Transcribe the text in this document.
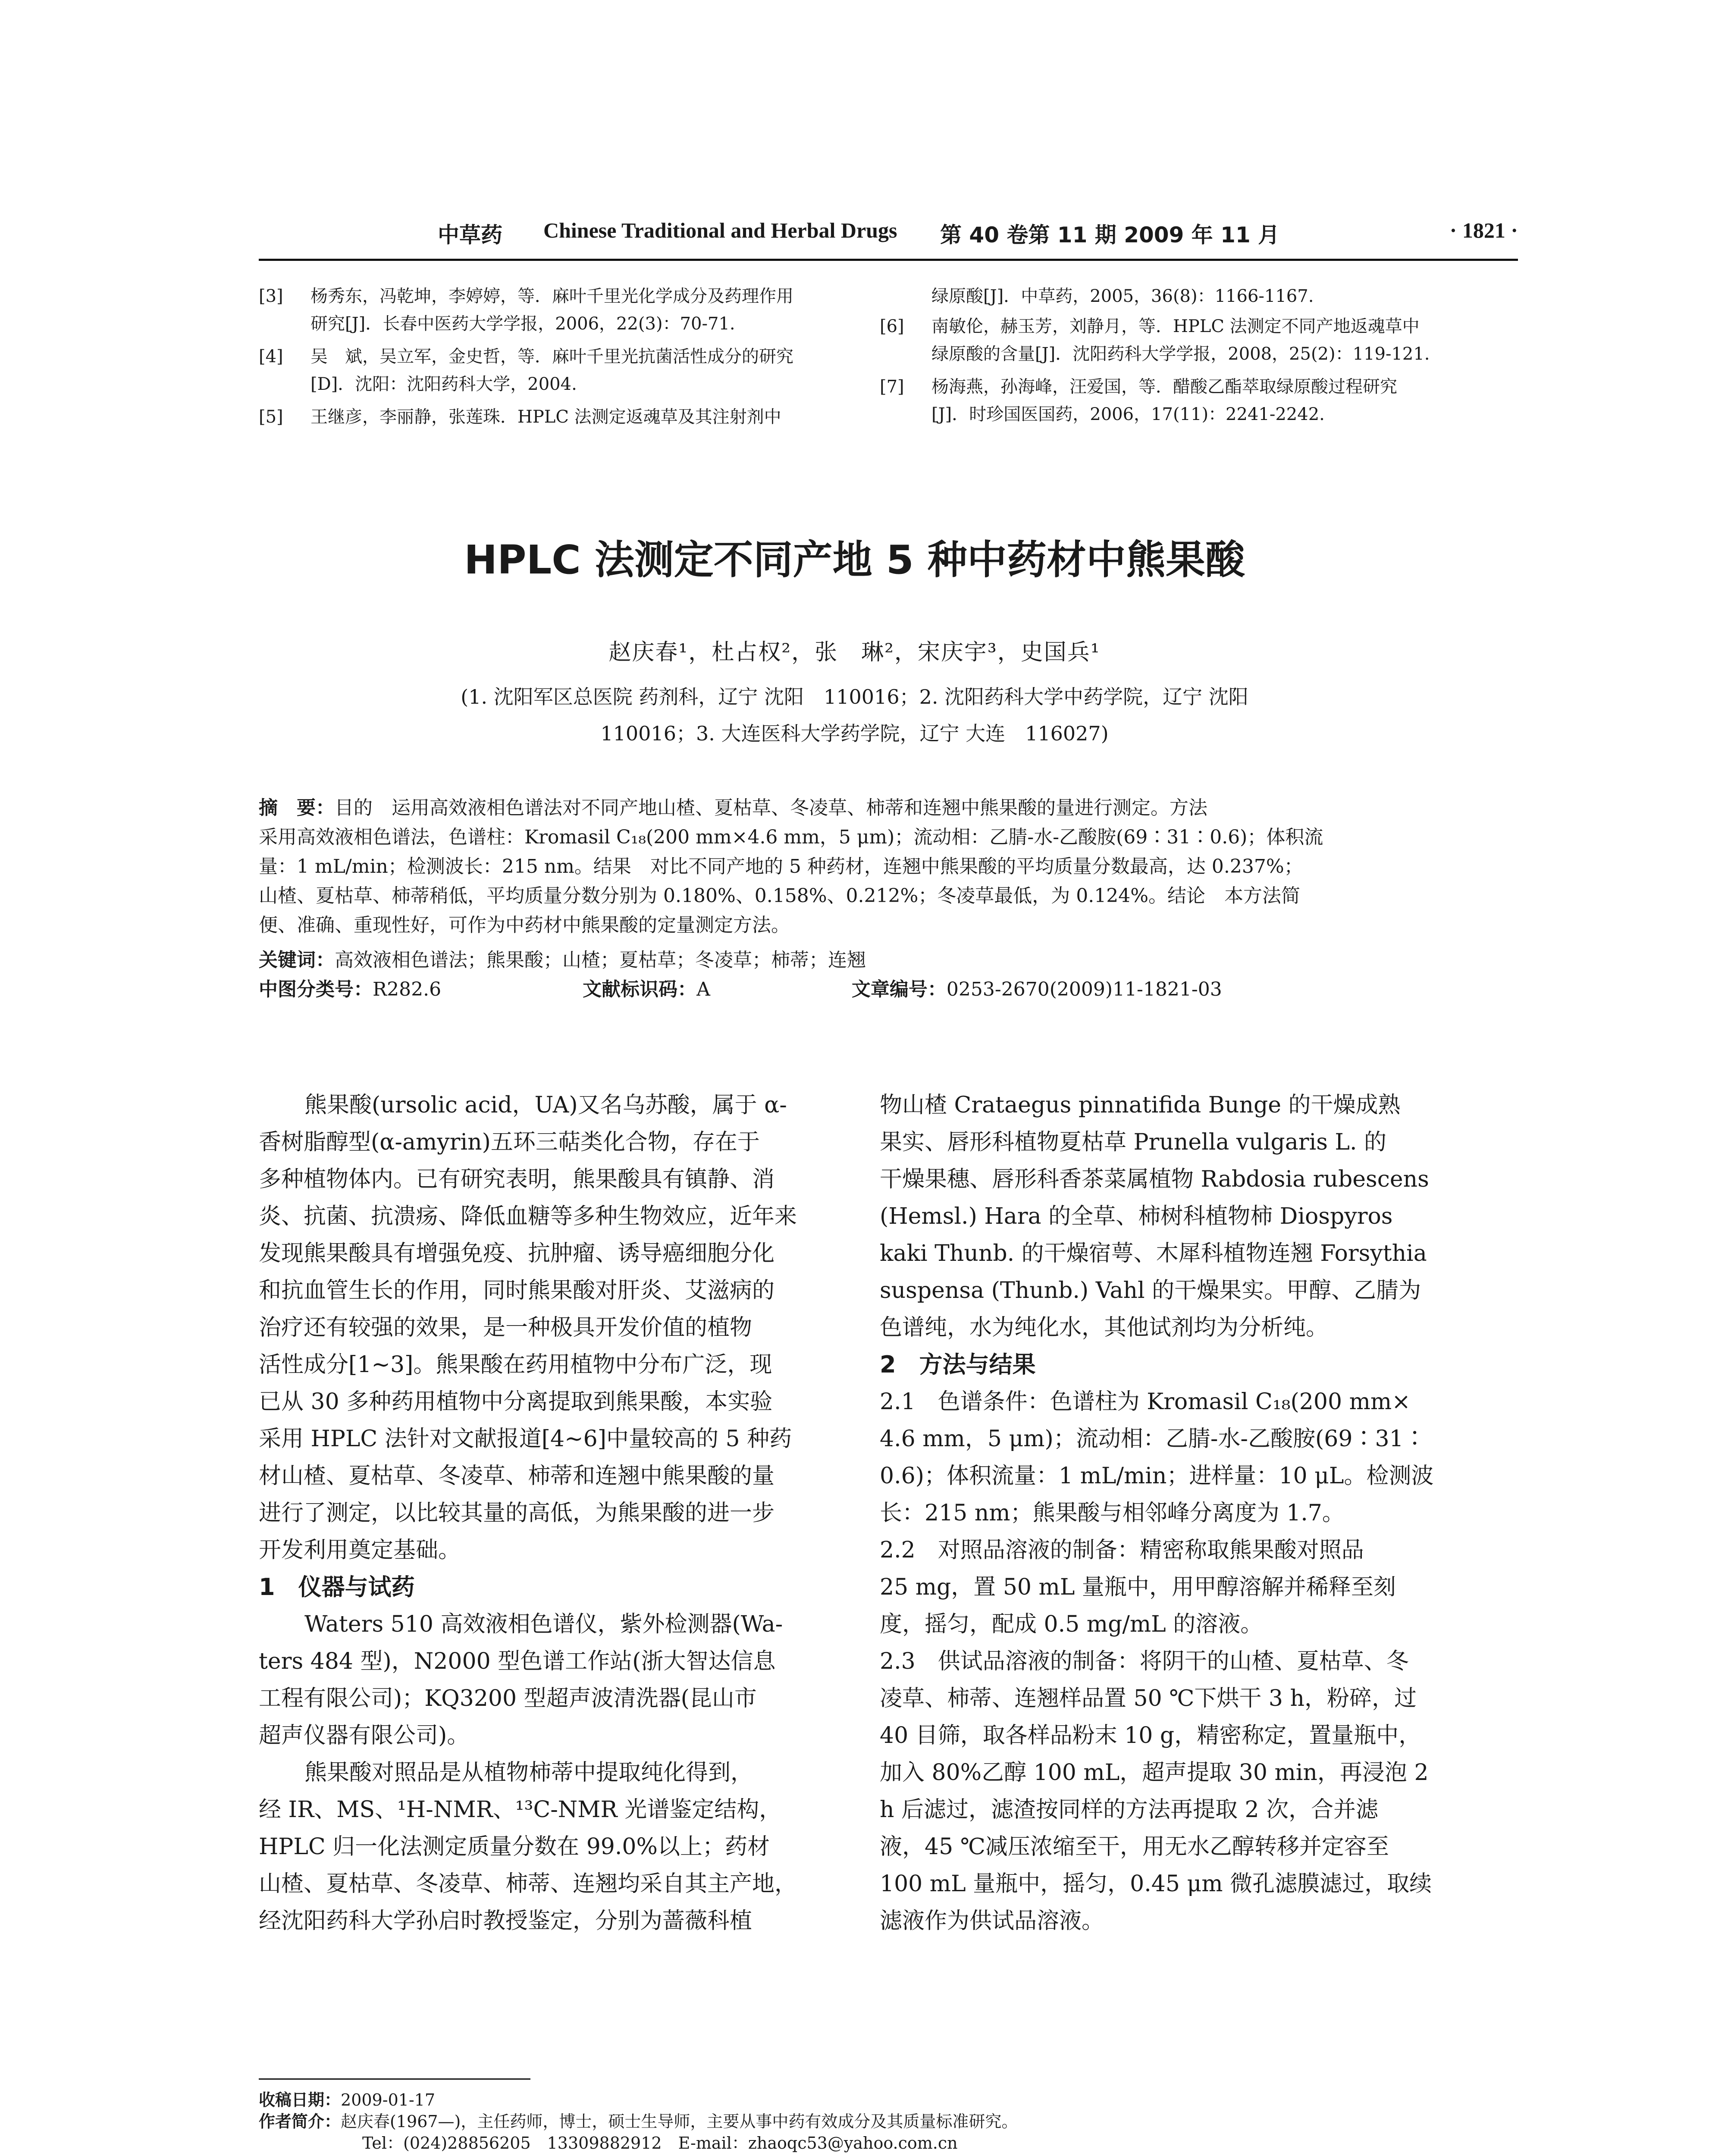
中草药 Chinese Traditional and Herbal Drugs 第 40 卷第 11 期 2009 年 11 月	· 1821 ·
[3] 杨秀东，冯乾坤，李婷婷，等．麻叶千里光化学成分及药理作用
研究[J]．长春中医药大学学报，2006，22(3)：70-71.
[4] 吴　斌，吴立军，金史哲，等．麻叶千里光抗菌活性成分的研究
[D]．沈阳：沈阳药科大学，2004.
[5] 王继彦，李丽静，张莲珠．HPLC 法测定返魂草及其注射剂中
绿原酸[J]．中草药，2005，36(8)：1166-1167.
[6] 南敏伦，赫玉芳，刘静月，等．HPLC 法测定不同产地返魂草中
绿原酸的含量[J]．沈阳药科大学学报，2008，25(2)：119-121.
[7] 杨海燕，孙海峰，汪爱国，等．醋酸乙酯萃取绿原酸过程研究
[J]．时珍国医国药，2006，17(11)：2241-2242.
HPLC 法测定不同产地 5 种中药材中熊果酸
赵庆春¹，杜占权²，张　琳²，宋庆宇³，史国兵¹
(1. 沈阳军区总医院 药剂科，辽宁 沈阳　110016；2. 沈阳药科大学中药学院，辽宁 沈阳
110016；3. 大连医科大学药学院，辽宁 大连　116027)
摘　要：目的　运用高效液相色谱法对不同产地山楂、夏枯草、冬凌草、柿蒂和连翘中熊果酸的量进行测定。方法
采用高效液相色谱法，色谱柱：Kromasil C₁₈(200 mm×4.6 mm，5 μm)；流动相：乙腈-水-乙酸胺(69∶31∶0.6)；体积流
量：1 mL/min；检测波长：215 nm。结果　对比不同产地的 5 种药材，连翘中熊果酸的平均质量分数最高，达 0.237%；
山楂、夏枯草、柿蒂稍低，平均质量分数分别为 0.180%、0.158%、0.212%；冬凌草最低，为 0.124%。结论　本方法简
便、准确、重现性好，可作为中药材中熊果酸的定量测定方法。
关键词：高效液相色谱法；熊果酸；山楂；夏枯草；冬凌草；柿蒂；连翘
中图分类号：R282.6	文献标识码：A	文章编号：0253-2670(2009)11-1821-03
熊果酸(ursolic acid，UA)又名乌苏酸，属于 α-
香树脂醇型(α-amyrin)五环三萜类化合物，存在于
多种植物体内。已有研究表明，熊果酸具有镇静、消
炎、抗菌、抗溃疡、降低血糖等多种生物效应，近年来
发现熊果酸具有增强免疫、抗肿瘤、诱导癌细胞分化
和抗血管生长的作用，同时熊果酸对肝炎、艾滋病的
治疗还有较强的效果，是一种极具开发价值的植物
活性成分[1~3]。熊果酸在药用植物中分布广泛，现
已从 30 多种药用植物中分离提取到熊果酸，本实验
采用 HPLC 法针对文献报道[4~6]中量较高的 5 种药
材山楂、夏枯草、冬凌草、柿蒂和连翘中熊果酸的量
进行了测定，以比较其量的高低，为熊果酸的进一步
开发利用奠定基础。
1　仪器与试药
Waters 510 高效液相色谱仪，紫外检测器(Wa-
ters 484 型)，N2000 型色谱工作站(浙大智达信息
工程有限公司)；KQ3200 型超声波清洗器(昆山市
超声仪器有限公司)。
熊果酸对照品是从植物柿蒂中提取纯化得到，
经 IR、MS、¹H-NMR、¹³C-NMR 光谱鉴定结构，
HPLC 归一化法测定质量分数在 99.0%以上；药材
山楂、夏枯草、冬凌草、柿蒂、连翘均采自其主产地，
经沈阳药科大学孙启时教授鉴定，分别为蔷薇科植
物山楂 Crataegus pinnatifida Bunge 的干燥成熟
果实、唇形科植物夏枯草 Prunella vulgaris L. 的
干燥果穗、唇形科香茶菜属植物 Rabdosia rubescens
(Hemsl.) Hara 的全草、柿树科植物柿 Diospyros
kaki Thunb. 的干燥宿萼、木犀科植物连翘 Forsythia
suspensa (Thunb.) Vahl 的干燥果实。甲醇、乙腈为
色谱纯，水为纯化水，其他试剂均为分析纯。
2　方法与结果
2.1　色谱条件：色谱柱为 Kromasil C₁₈(200 mm×
4.6 mm，5 μm)；流动相：乙腈-水-乙酸胺(69∶31∶
0.6)；体积流量：1 mL/min；进样量：10 μL。检测波
长：215 nm；熊果酸与相邻峰分离度为 1.7。
2.2　对照品溶液的制备：精密称取熊果酸对照品
25 mg，置 50 mL 量瓶中，用甲醇溶解并稀释至刻
度，摇匀，配成 0.5 mg/mL 的溶液。
2.3　供试品溶液的制备：将阴干的山楂、夏枯草、冬
凌草、柿蒂、连翘样品置 50 ℃下烘干 3 h，粉碎，过
40 目筛，取各样品粉末 10 g，精密称定，置量瓶中，
加入 80%乙醇 100 mL，超声提取 30 min，再浸泡 2
h 后滤过，滤渣按同样的方法再提取 2 次，合并滤
液，45 ℃减压浓缩至干，用无水乙醇转移并定容至
100 mL 量瓶中，摇匀，0.45 μm 微孔滤膜滤过，取续
滤液作为供试品溶液。
收稿日期：2009-01-17
作者简介：赵庆春(1967—)，主任药师，博士，硕士生导师，主要从事中药有效成分及其质量标准研究。
Tel：(024)28856205　13309882912　E-mail：zhaoqc53@yahoo.com.cn
